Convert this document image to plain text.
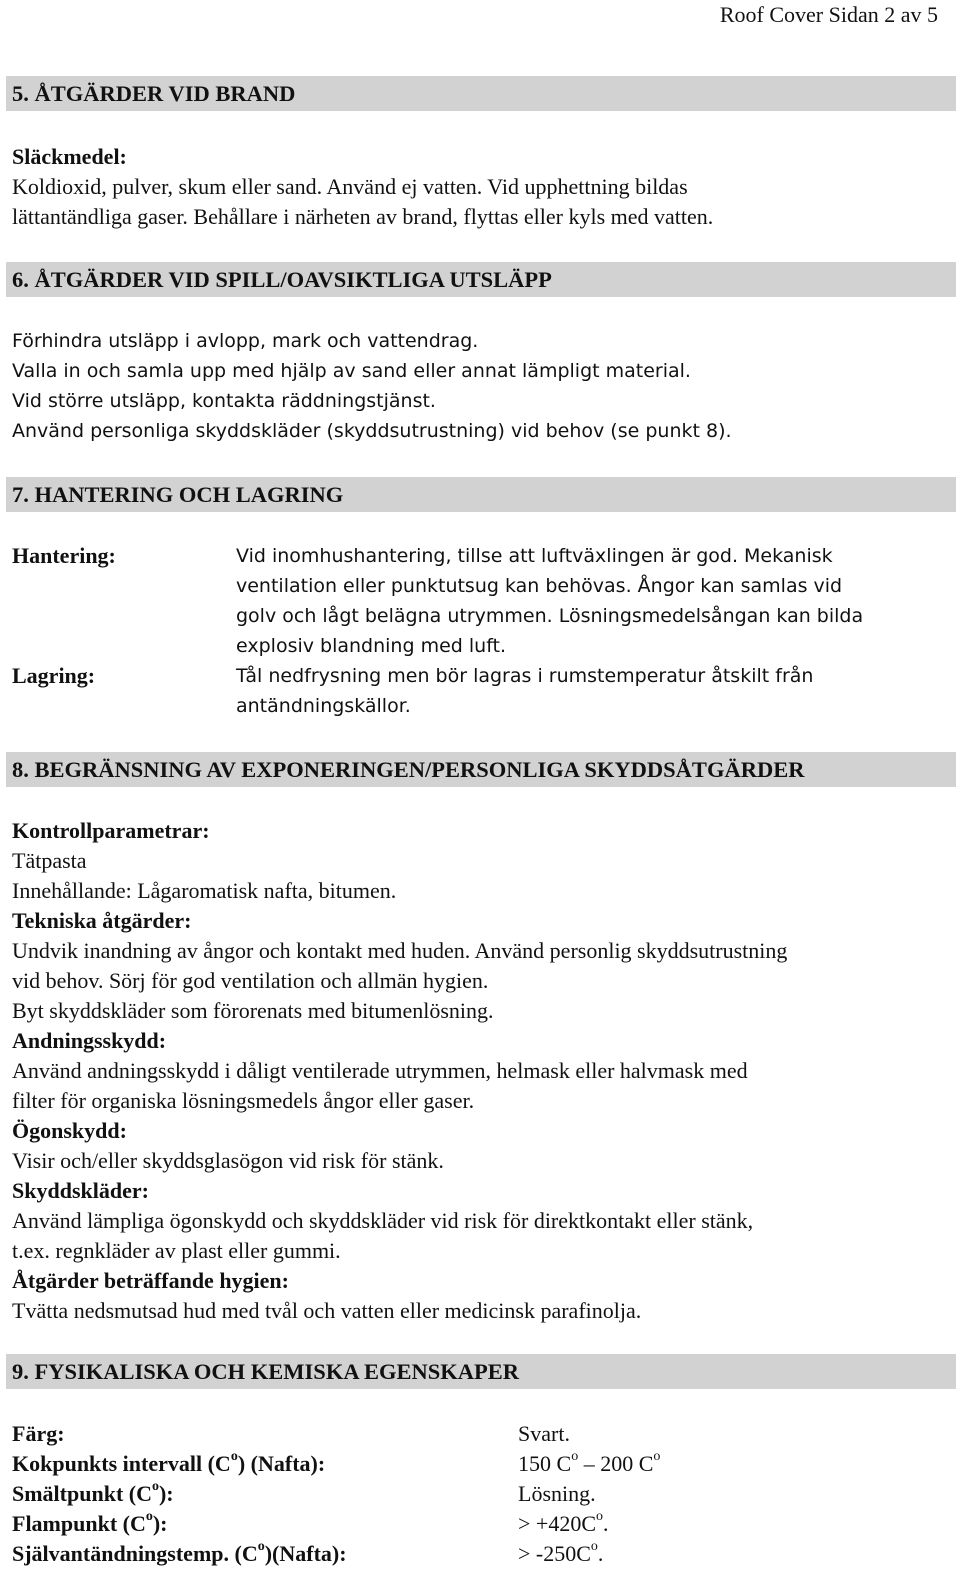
Roof Cover Sidan 2 av 5
5. ÅTGÄRDER VID BRAND
Släckmedel:
Koldioxid, pulver, skum eller sand. Använd ej vatten. Vid upphettning bildas
lättantändliga gaser. Behållare i närheten av brand, flyttas eller kyls med vatten.
6. ÅTGÄRDER VID SPILL/OAVSIKTLIGA UTSLÄPP
Förhindra utsläpp i avlopp, mark och vattendrag.
Valla in och samla upp med hjälp av sand eller annat lämpligt material.
Vid större utsläpp, kontakta räddningstjänst.
Använd personliga skyddskläder (skyddsutrustning) vid behov (se punkt 8).
7. HANTERING OCH LAGRING
Hantering:	Vid inomhushantering, tillse att luftväxlingen är god. Mekanisk
ventilation eller punktutsug kan behövas. Ångor kan samlas vid
golv och lågt belägna utrymmen. Lösningsmedelsångan kan bilda
explosiv blandning med luft.
Lagring:	Tål nedfrysning men bör lagras i rumstemperatur åtskilt från
antändningskällor.
8. BEGRÄNSNING AV EXPONERINGEN/PERSONLIGA SKYDDSÅTGÄRDER
Kontrollparametrar:
Tätpasta
Innehållande: Lågaromatisk nafta, bitumen.
Tekniska åtgärder:
Undvik inandning av ångor och kontakt med huden. Använd personlig skyddsutrustning
vid behov. Sörj för god ventilation och allmän hygien.
Byt skyddskläder som förorenats med bitumenlösning.
Andningsskydd:
Använd andningsskydd i dåligt ventilerade utrymmen, helmask eller halvmask med
filter för organiska lösningsmedels ångor eller gaser.
Ögonskydd:
Visir och/eller skyddsglasögon vid risk för stänk.
Skyddskläder:
Använd lämpliga ögonskydd och skyddskläder vid risk för direktkontakt eller stänk,
t.ex. regnkläder av plast eller gummi.
Åtgärder beträffande hygien:
Tvätta nedsmutsad hud med tvål och vatten eller medicinsk parafinolja.
9. FYSIKALISKA OCH KEMISKA EGENSKAPER
Färg:	Svart.
Kokpunkts intervall $(C^o)$ (Nafta):	150 $C^o - 200$ $C^o$
Smältpunkt $(C^o)$:	Lösning.
Flampunkt $(C^o)$:	> $+420C^o$.
Självantändningstemp. $(C^o)(Nafta)$:	> $-250C^o$.
